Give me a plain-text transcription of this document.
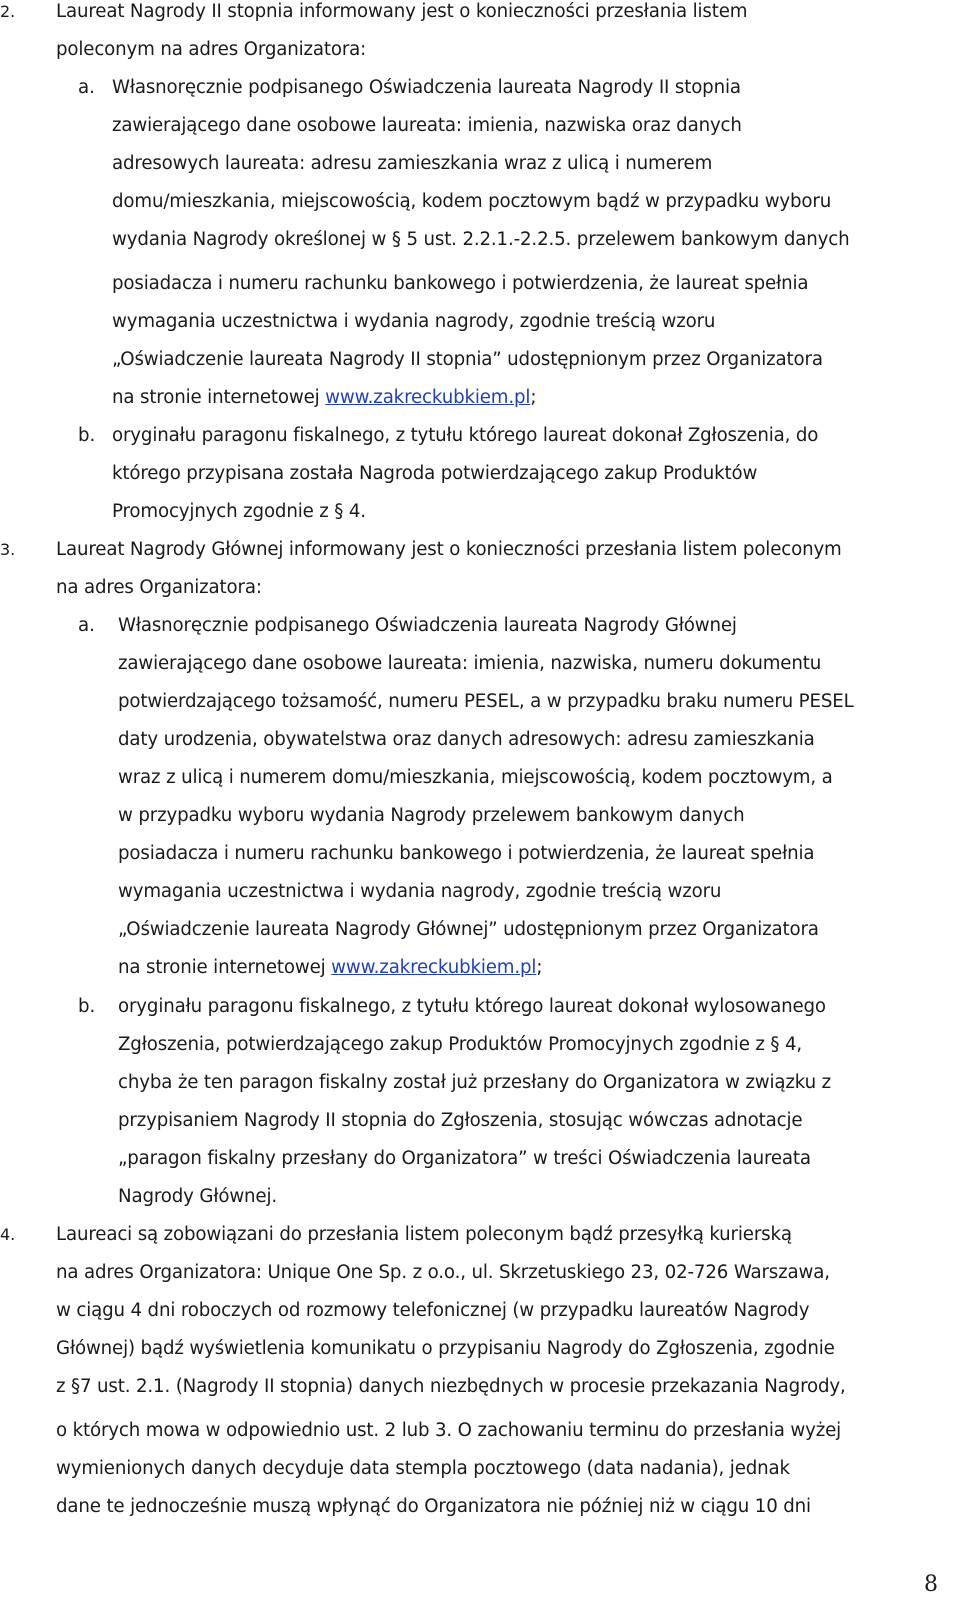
2. Laureat Nagrody II stopnia informowany jest o konieczności przesłania listem
poleconym na adres Organizatora:
a. Własnoręcznie podpisanego Oświadczenia laureata Nagrody II stopnia
zawierającego dane osobowe laureata: imienia, nazwiska oraz danych
adresowych laureata: adresu zamieszkania wraz z ulicą i numerem
domu/mieszkania, miejscowością, kodem pocztowym bądź w przypadku wyboru
wydania Nagrody określonej w § 5 ust. 2.2.1.-2.2.5. przelewem bankowym danych
posiadacza i numeru rachunku bankowego i potwierdzenia, że laureat spełnia
wymagania uczestnictwa i wydania nagrody, zgodnie treścią wzoru
„Oświadczenie laureata Nagrody II stopnia” udostępnionym przez Organizatora
na stronie internetowej www.zakreckubkiem.pl;
b. oryginału paragonu fiskalnego, z tytułu którego laureat dokonał Zgłoszenia, do
którego przypisana została Nagroda potwierdzającego zakup Produktów
Promocyjnych zgodnie z § 4.
3. Laureat Nagrody Głównej informowany jest o konieczności przesłania listem poleconym
na adres Organizatora:
a. Własnoręcznie podpisanego Oświadczenia laureata Nagrody Głównej
zawierającego dane osobowe laureata: imienia, nazwiska, numeru dokumentu
potwierdzającego tożsamość, numeru PESEL, a w przypadku braku numeru PESEL
daty urodzenia, obywatelstwa oraz danych adresowych: adresu zamieszkania
wraz z ulicą i numerem domu/mieszkania, miejscowością, kodem pocztowym, a
w przypadku wyboru wydania Nagrody przelewem bankowym danych
posiadacza i numeru rachunku bankowego i potwierdzenia, że laureat spełnia
wymagania uczestnictwa i wydania nagrody, zgodnie treścią wzoru
„Oświadczenie laureata Nagrody Głównej” udostępnionym przez Organizatora
na stronie internetowej www.zakreckubkiem.pl;
b. oryginału paragonu fiskalnego, z tytułu którego laureat dokonał wylosowanego
Zgłoszenia, potwierdzającego zakup Produktów Promocyjnych zgodnie z § 4,
chyba że ten paragon fiskalny został już przesłany do Organizatora w związku z
przypisaniem Nagrody II stopnia do Zgłoszenia, stosując wówczas adnotacje
„paragon fiskalny przesłany do Organizatora” w treści Oświadczenia laureata
Nagrody Głównej.
4. Laureaci są zobowiązani do przesłania listem poleconym bądź przesyłką kurierską
na adres Organizatora: Unique One Sp. z o.o., ul. Skrzetuskiego 23, 02-726 Warszawa,
w ciągu 4 dni roboczych od rozmowy telefonicznej (w przypadku laureatów Nagrody
Głównej) bądź wyświetlenia komunikatu o przypisaniu Nagrody do Zgłoszenia, zgodnie
z §7 ust. 2.1. (Nagrody II stopnia) danych niezbędnych w procesie przekazania Nagrody,
o których mowa w odpowiednio ust. 2 lub 3. O zachowaniu terminu do przesłania wyżej
wymienionych danych decyduje data stempla pocztowego (data nadania), jednak
dane te jednocześnie muszą wpłynąć do Organizatora nie później niż w ciągu 10 dni
8
